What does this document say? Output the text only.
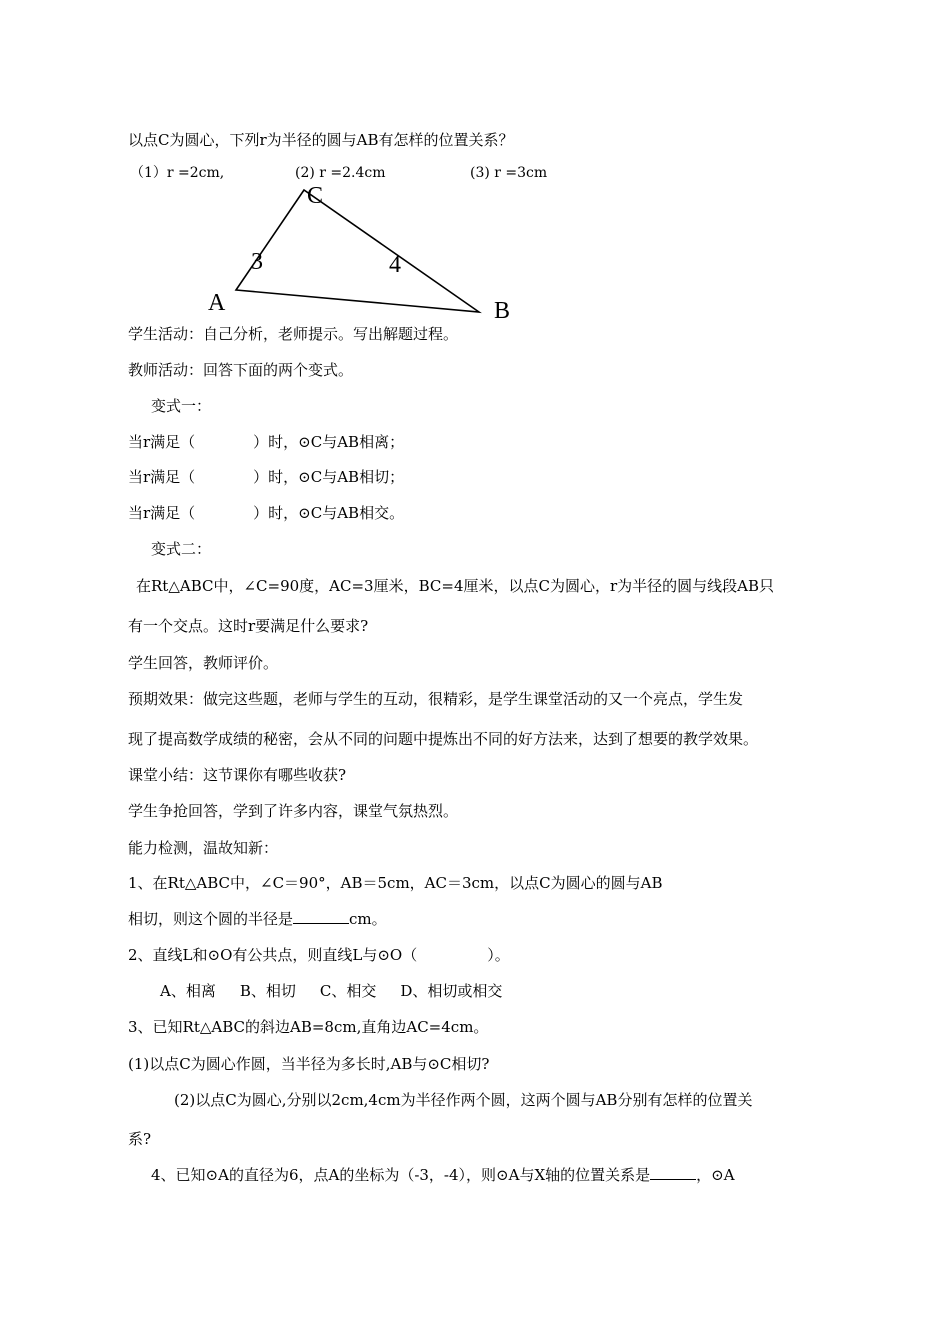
以点C为圆心，下列r为半径的圆与AB有怎样的位置关系？
（1）r =2cm,	(2) r =2.4cm	(3) r =3cm
C
3	4
A	B
学生活动：自己分析，老师提示。写出解题过程。
教师活动：回答下面的两个变式。
变式一：
当r满足（	）时，⊙C与AB相离；
当r满足（	）时，⊙C与AB相切；
当r满足（	）时，⊙C与AB相交。
变式二：
在Rt△ABC中，∠C=90度，AC=3厘米，BC=4厘米，以点C为圆心，r为半径的圆与线段AB只
有一个交点。这时r要满足什么要求?
学生回答，教师评价。
预期效果：做完这些题，老师与学生的互动，很精彩，是学生课堂活动的又一个亮点，学生发
现了提高数学成绩的秘密，会从不同的问题中提炼出不同的好方法来，达到了想要的教学效果。
课堂小结：这节课你有哪些收获?
学生争抢回答，学到了许多内容，课堂气氛热烈。
能力检测，温故知新：
1、在Rt△ABC中，∠C＝90°，AB＝5cm，AC＝3cm，以点C为圆心的圆与AB
相切，则这个圆的半径是	cm。
2、直线L和⊙O有公共点，则直线L与⊙O（	）。
A、相离 B、相切 C、相交 D、相切或相交
3、已知Rt△ABC的斜边AB=8cm,直角边AC=4cm。
(1)以点C为圆心作圆，当半径为多长时,AB与⊙C相切?
(2)以点C为圆心,分别以2cm,4cm为半径作两个圆，这两个圆与AB分别有怎样的位置关
系?
4、已知⊙A的直径为6，点A的坐标为（-3，-4），则⊙A与X轴的位置关系是	，⊙A
